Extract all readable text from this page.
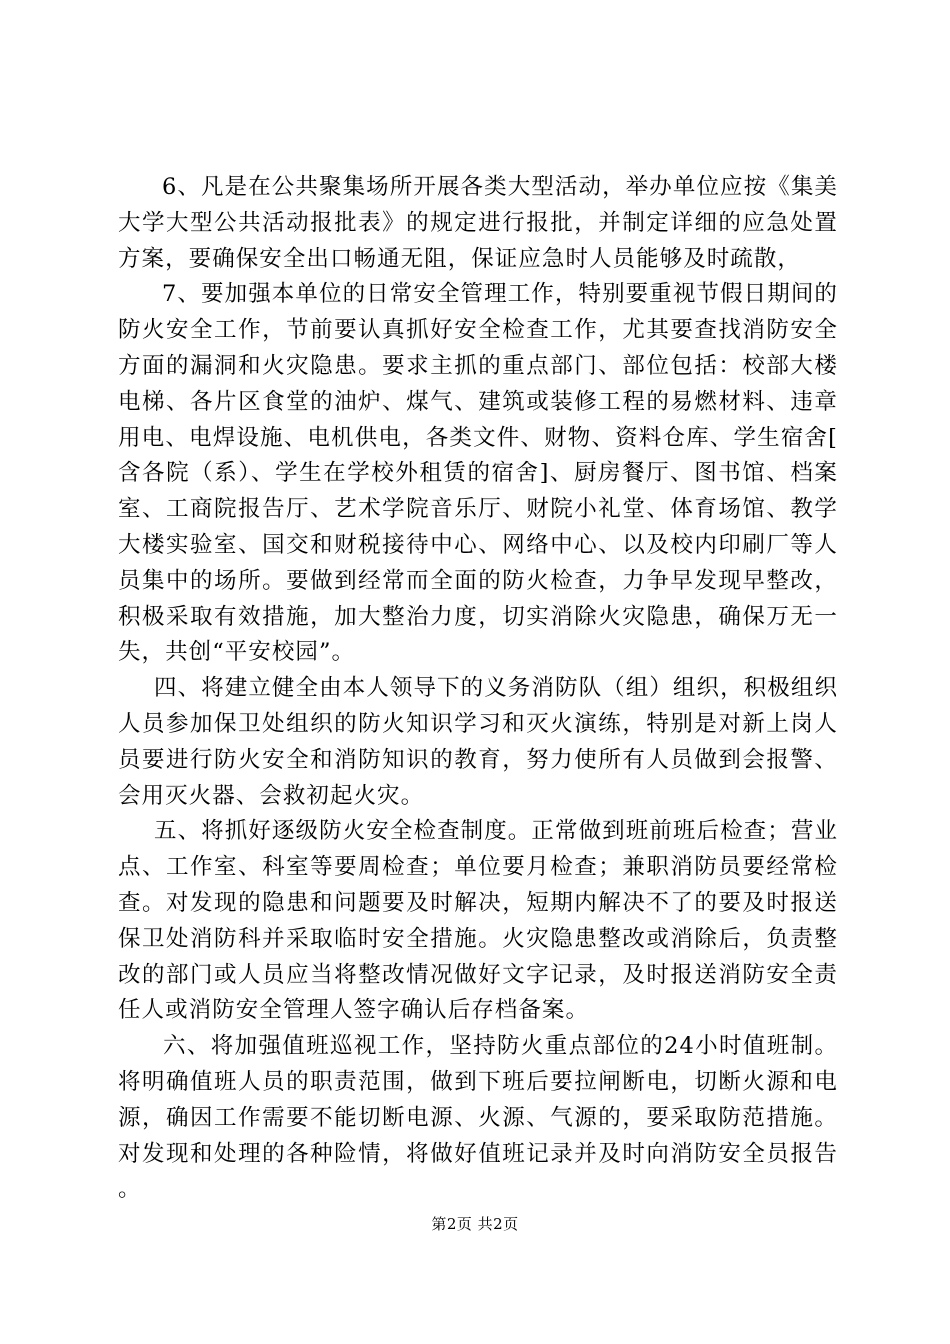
6、凡是在公共聚集场所开展各类大型活动，举办单位应按《集美大学大型公共活动报批表》的规定进行报批，并制定详细的应急处置方案，要确保安全出口畅通无阻，保证应急时人员能够及时疏散，

7、要加强本单位的日常安全管理工作，特别要重视节假日期间的防火安全工作，节前要认真抓好安全检查工作，尤其要查找消防安全方面的漏洞和火灾隐患。要求主抓的重点部门、部位包括：校部大楼电梯、各片区食堂的油炉、煤气、建筑或装修工程的易燃材料、违章用电、电焊设施、电机供电，各类文件、财物、资料仓库、学生宿舍[含各院（系）、学生在学校外租赁的宿舍]、厨房餐厅、图书馆、档案室、工商院报告厅、艺术学院音乐厅、财院小礼堂、体育场馆、教学大楼实验室、国交和财税接待中心、网络中心、以及校内印刷厂等人员集中的场所。要做到经常而全面的防火检查，力争早发现早整改，积极采取有效措施，加大整治力度，切实消除火灾隐患，确保万无一失，共创“平安校园”。

四、将建立健全由本人领导下的义务消防队（组）组织，积极组织人员参加保卫处组织的防火知识学习和灭火演练，特别是对新上岗人员要进行防火安全和消防知识的教育，努力使所有人员做到会报警、会用灭火器、会救初起火灾。

五、将抓好逐级防火安全检查制度。正常做到班前班后检查；营业点、工作室、科室等要周检查；单位要月检查；兼职消防员要经常检查。对发现的隐患和问题要及时解决，短期内解决不了的要及时报送保卫处消防科并采取临时安全措施。火灾隐患整改或消除后，负责整改的部门或人员应当将整改情况做好文字记录，及时报送消防安全责任人或消防安全管理人签字确认后存档备案。

六、将加强值班巡视工作，坚持防火重点部位的24小时值班制。将明确值班人员的职责范围，做到下班后要拉闸断电，切断火源和电源，确因工作需要不能切断电源、火源、气源的，要采取防范措施。对发现和处理的各种险情，将做好值班记录并及时向消防安全员报告。

第2页 共2页
